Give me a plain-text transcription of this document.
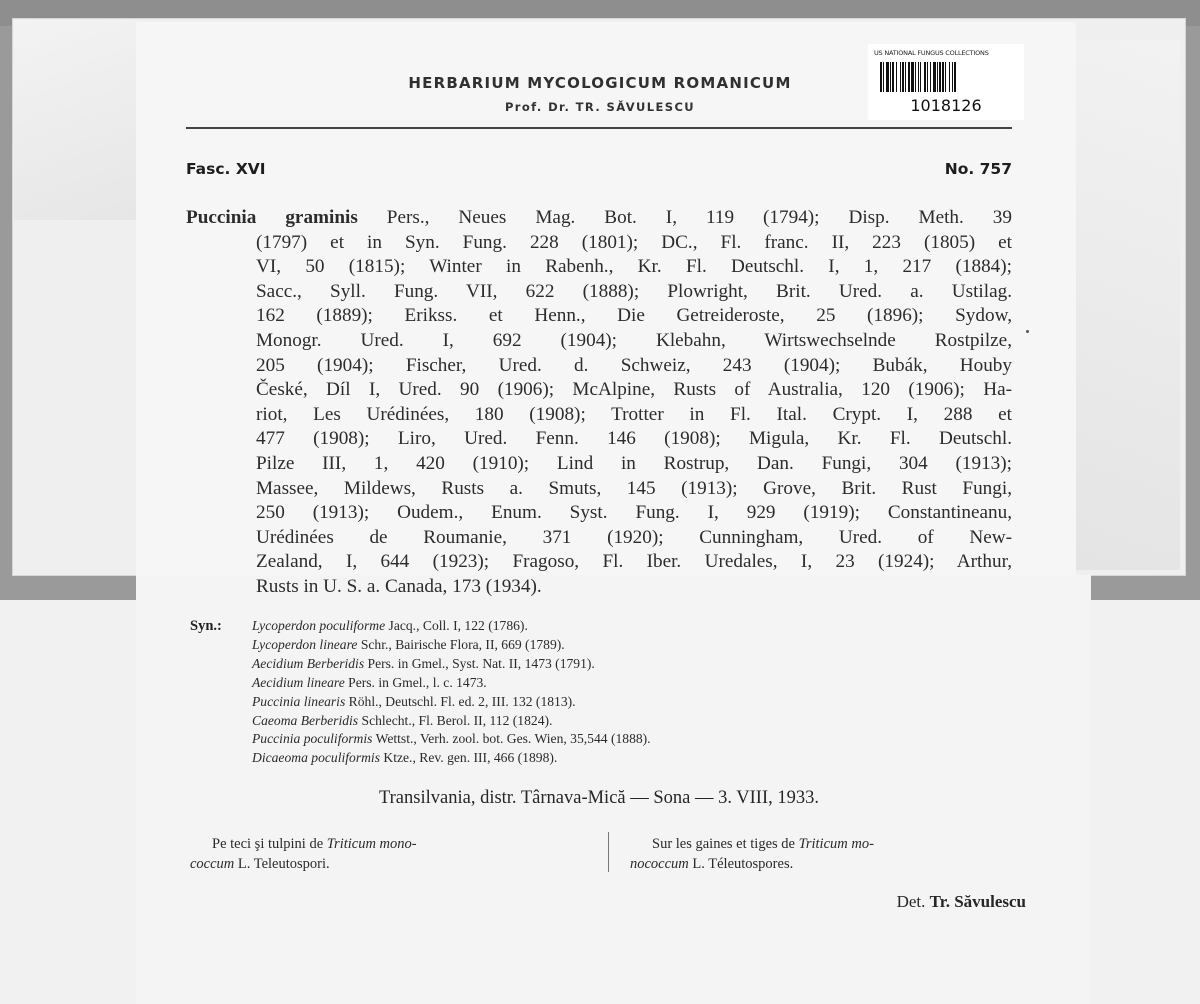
US NATIONAL FUNGUS COLLECTIONS
1018126
HERBARIUM MYCOLOGICUM ROMANICUM
Prof. Dr. TR. SĂVULESCU
Fasc. XVI	No. 757
Puccinia graminis Pers., Neues Mag. Bot. I, 119 (1794); Disp. Meth. 39
(1797) et in Syn. Fung. 228 (1801); DC., Fl. franc. II, 223 (1805) et
VI, 50 (1815); Winter in Rabenh., Kr. Fl. Deutschl. I, 1, 217 (1884);
Sacc., Syll. Fung. VII, 622 (1888); Plowright, Brit. Ured. a. Ustilag.
162 (1889); Erikss. et Henn., Die Getreideroste, 25 (1896); Sydow,
Monogr. Ured. I, 692 (1904); Klebahn, Wirtswechselnde Rostpilze,
205 (1904); Fischer, Ured. d. Schweiz, 243 (1904); Bubák, Houby
České, Díl I, Ured. 90 (1906); McAlpine, Rusts of Australia, 120 (1906); Ha-
riot, Les Urédinées, 180 (1908); Trotter in Fl. Ital. Crypt. I, 288 et
477 (1908); Liro, Ured. Fenn. 146 (1908); Migula, Kr. Fl. Deutschl.
Pilze III, 1, 420 (1910); Lind in Rostrup, Dan. Fungi, 304 (1913);
Massee, Mildews, Rusts a. Smuts, 145 (1913); Grove, Brit. Rust Fungi,
250 (1913); Oudem., Enum. Syst. Fung. I, 929 (1919); Constantineanu,
Urédinées de Roumanie, 371 (1920); Cunningham, Ured. of New-
Zealand, I, 644 (1923); Fragoso, Fl. Iber. Uredales, I, 23 (1924); Arthur,
Rusts in U. S. a. Canada, 173 (1934).
Syn.: Lycoperdon poculiforme Jacq., Coll. I, 122 (1786).
Lycoperdon lineare Schr., Bairische Flora, II, 669 (1789).
Aecidium Berberidis Pers. in Gmel., Syst. Nat. II, 1473 (1791).
Aecidium lineare Pers. in Gmel., l. c. 1473.
Puccinia linearis Röhl., Deutschl. Fl. ed. 2, III. 132 (1813).
Caeoma Berberidis Schlecht., Fl. Berol. II, 112 (1824).
Puccinia poculiformis Wettst., Verh. zool. bot. Ges. Wien, 35,544 (1888).
Dicaeoma poculiformis Ktze., Rev. gen. III, 466 (1898).
Transilvania, distr. Târnava-Mică — Sona — 3. VIII, 1933.
Pe teci şi tulpini de Triticum mono-
coccum L. Teleutospori.
Sur les gaines et tiges de Triticum mo-
nococcum L. Téleutospores.
Det. Tr. Săvulescu
